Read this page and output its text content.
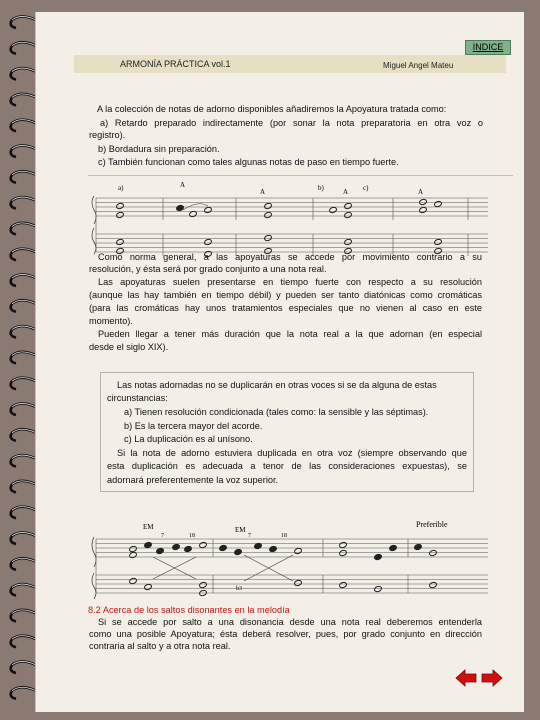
INDICE
ARMONÍA PRÁCTICA vol.1	Miguel Angel Mateu
A la colección de notas de adorno disponibles añadiremos la Apoyatura tratada como:
a) Retardo preparado indirectamente (por sonar la nota preparatoria en otra voz o
registro).
b) Bordadura sin preparación.
c) También funcionan como tales algunas notas de paso en tiempo fuerte.
a)	b)	c)
A
A	A	A
Como norma general, a las apoyaturas se accede por movimiento contrario a su
resolución, y ésta será por grado conjunto a una nota real.
Las apoyaturas suelen presentarse en tiempo fuerte con respecto a su resolución
(aunque las hay también en tiempo débil) y pueden ser tanto diatónicas como cromáticas
(para las cromáticas hay unos tratamientos especiales que no vienen al caso en este
momento).
Pueden llegar a tener más duración que la nota real a la que adornan (en especial
desde el siglo XIX).
Las notas adornadas no se duplicarán en otras voces si se da alguna de estas
circunstancias:
a) Tienen resolución condicionada (tales como: la sensible y las séptimas).
b) Es la tercera mayor del acorde.
c) La duplicación es al unísono.
Si la nota de adorno estuviera duplicada en otra voz (siempre observando que
esta duplicación es adecuada a tenor de las consideraciones expuestas), se
adornará preferentemente la voz superior.
EM	EM
Preferible
7	18	7	18
b3
8.2 Acerca de los saltos disonantes en la melodía
Si se accede por salto a una disonancia desde una nota real deberemos entenderla
como una posible Apoyatura; ésta deberá resolver, pues, por grado conjunto en dirección
contraria al salto y a otra nota real.
